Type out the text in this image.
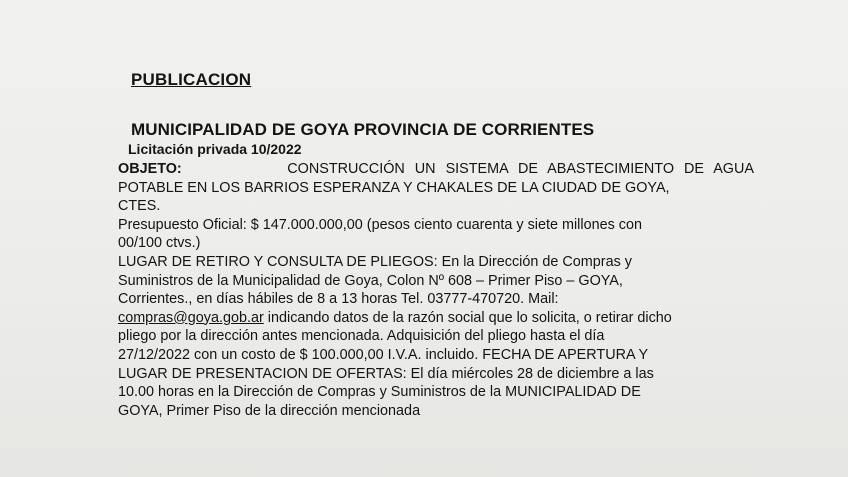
PUBLICACION
MUNICIPALIDAD DE GOYA PROVINCIA DE CORRIENTES
Licitación privada 10/2022
OBJETO:	CONSTRUCCIÓN UN SISTEMA DE ABASTECIMIENTO DE AGUA
POTABLE EN LOS BARRIOS ESPERANZA Y CHAKALES DE LA CIUDAD DE GOYA,
CTES.
Presupuesto Oficial: $ 147.000.000,00 (pesos ciento cuarenta y siete millones con
00/100 ctvs.)
LUGAR DE RETIRO Y CONSULTA DE PLIEGOS: En la Dirección de Compras y
Suministros de la Municipalidad de Goya, Colon Nº 608 – Primer Piso – GOYA,
Corrientes., en días hábiles de 8 a 13 horas Tel. 03777-470720. Mail:
compras@goya.gob.ar
indicando datos de la razón social que lo solicita, o retirar dicho
pliego por la dirección antes mencionada. Adquisición del pliego hasta el día
27/12/2022 con un costo de $ 100.000,00 I.V.A. incluido. FECHA DE APERTURA Y
LUGAR DE PRESENTACION DE OFERTAS: El día miércoles 28 de diciembre a las
10.00 horas en la Dirección de Compras y Suministros de la MUNICIPALIDAD DE
GOYA, Primer Piso de la dirección mencionada
